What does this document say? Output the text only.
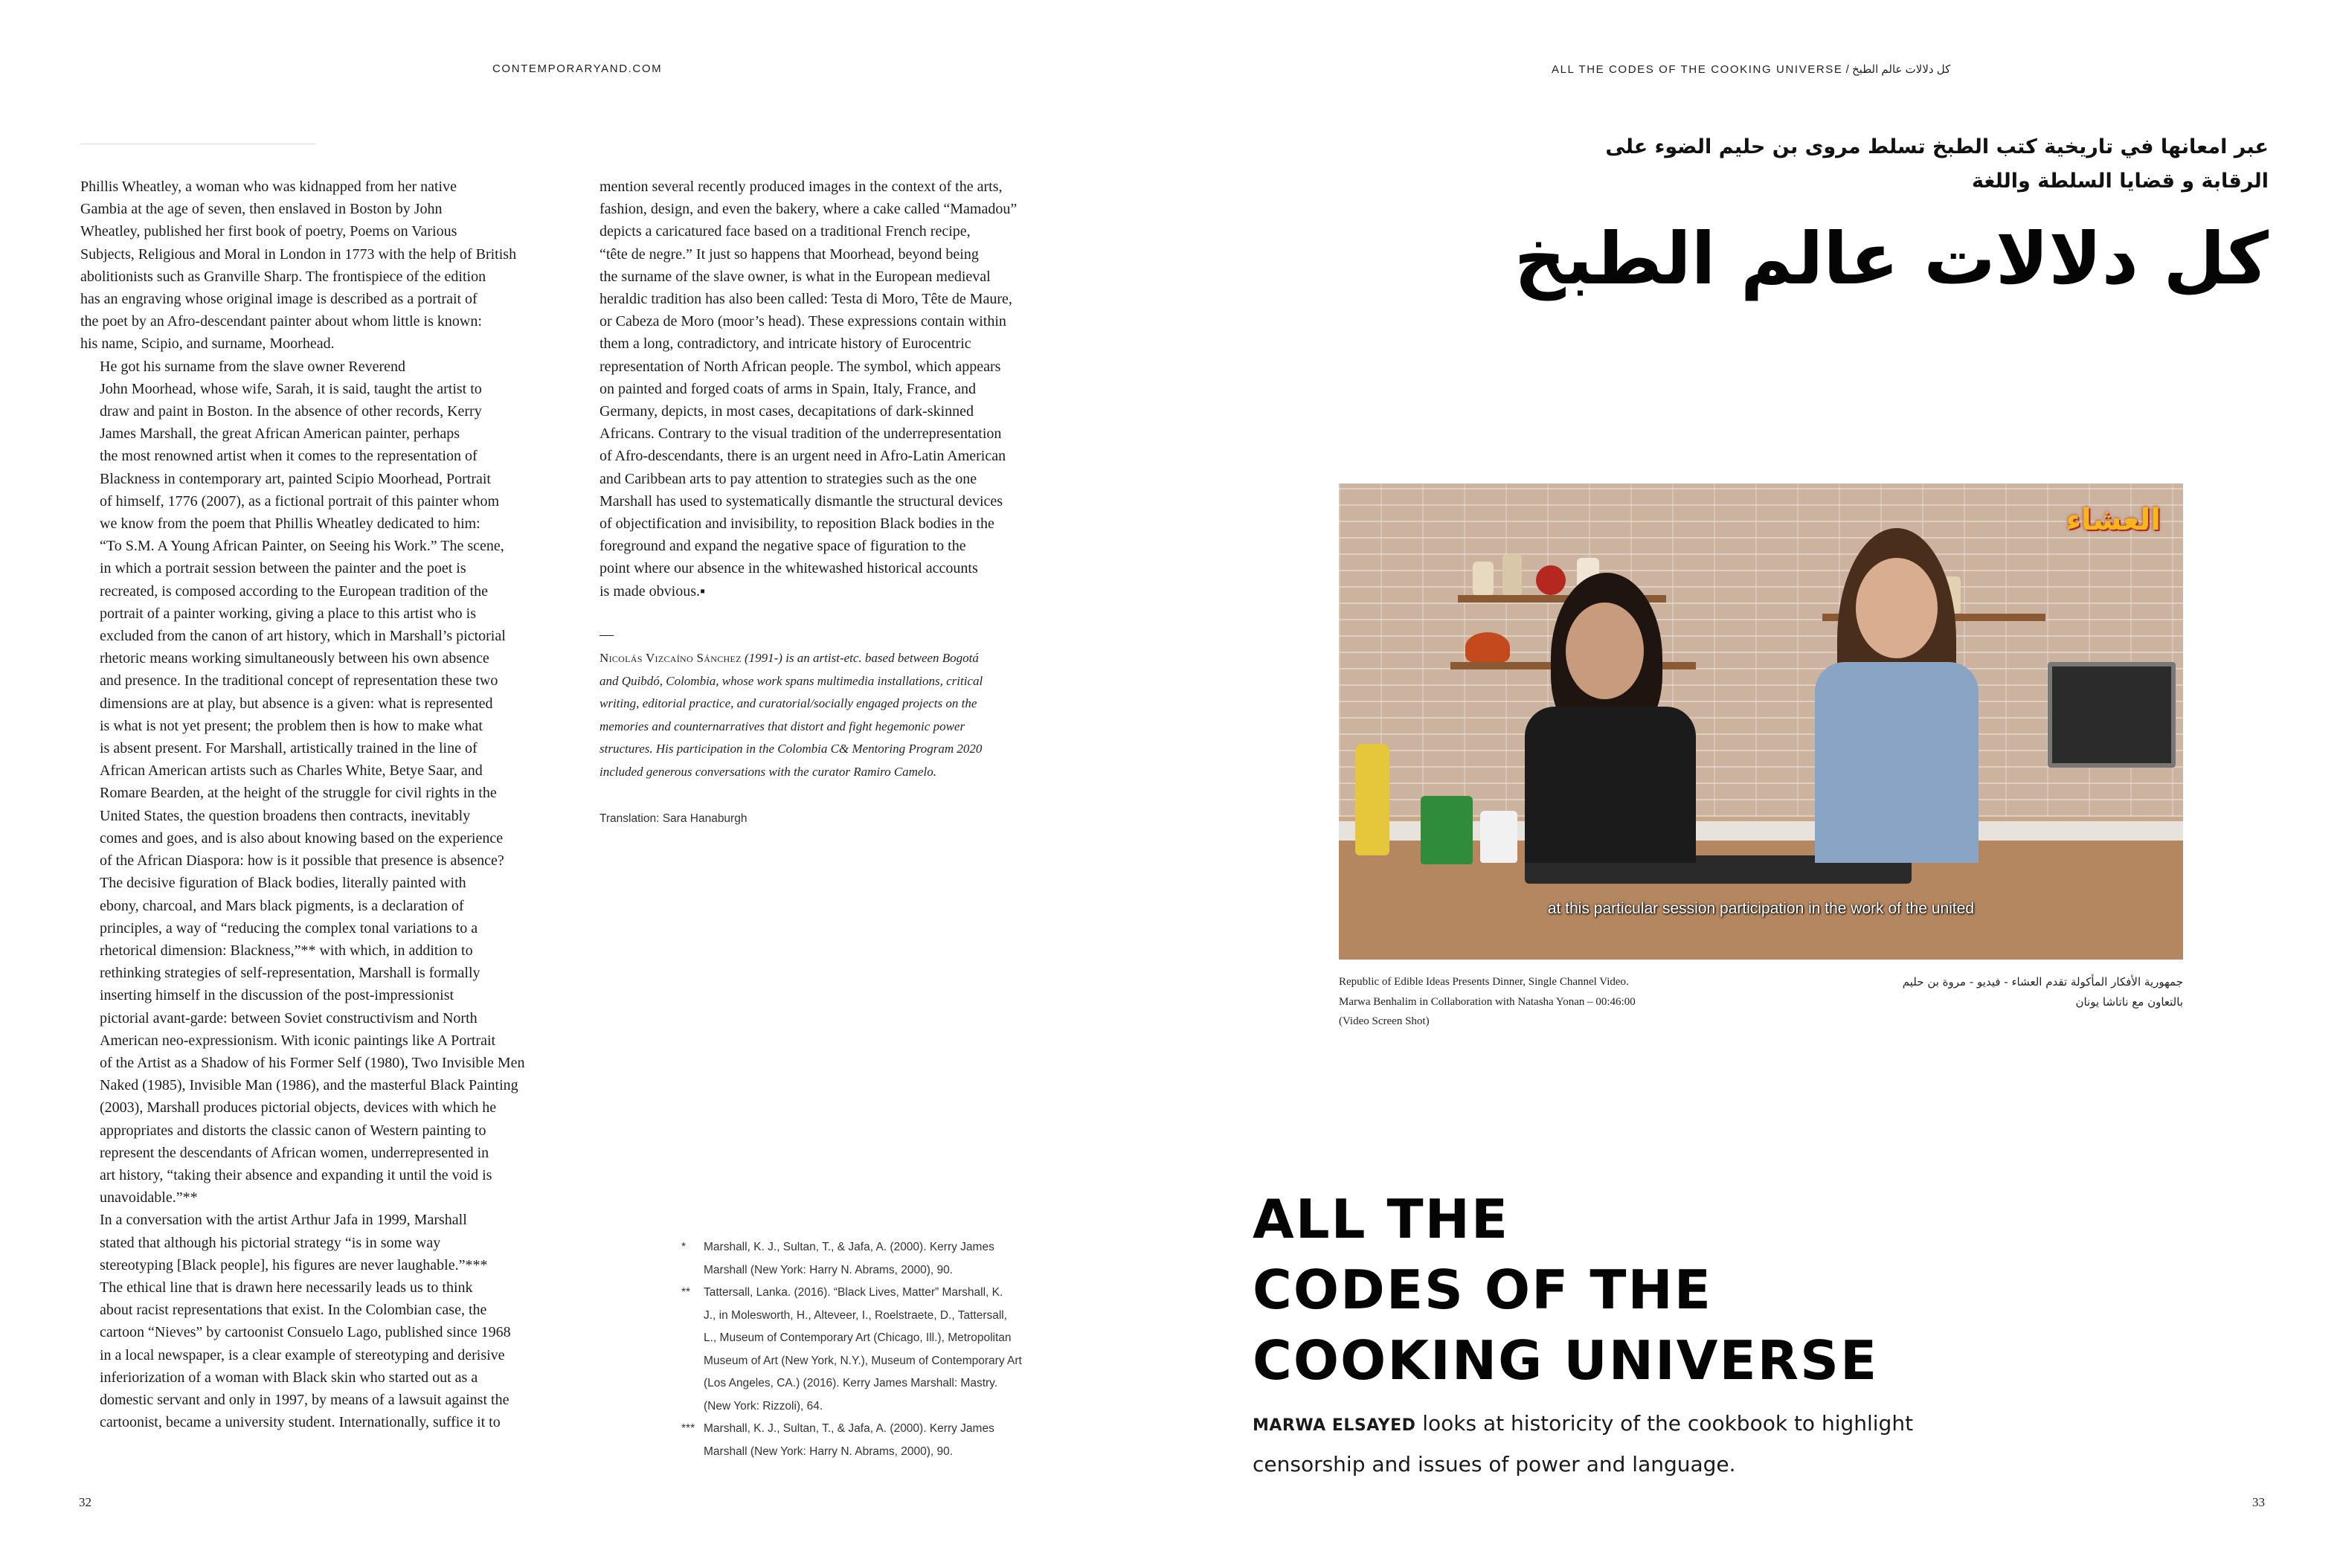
CONTEMPORARYAND.COM	كل دلالات عالم الطبخ / ALL THE CODES OF THE COOKING UNIVERSE

Phillis Wheatley, a woman who was kidnapped from her native
Gambia at the age of seven, then enslaved in Boston by John
Wheatley, published her first book of poetry, Poems on Various
Subjects, Religious and Moral in London in 1773 with the help of British
abolitionists such as Granville Sharp. The frontispiece of the edition
has an engraving whose original image is described as a portrait of
the poet by an Afro-descendant painter about whom little is known:
his name, Scipio, and surname, Moorhead.

He got his surname from the slave owner Reverend
John Moorhead, whose wife, Sarah, it is said, taught the artist to
draw and paint in Boston. In the absence of other records, Kerry
James Marshall, the great African American painter, perhaps
the most renowned artist when it comes to the representation of
Blackness in contemporary art, painted Scipio Moorhead, Portrait
of himself, 1776 (2007), as a fictional portrait of this painter whom
we know from the poem that Phillis Wheatley dedicated to him:
“To S.M. A Young African Painter, on Seeing his Work.” The scene,
in which a portrait session between the painter and the poet is
recreated, is composed according to the European tradition of the
portrait of a painter working, giving a place to this artist who is
excluded from the canon of art history, which in Marshall’s pictorial
rhetoric means working simultaneously between his own absence
and presence. In the traditional concept of representation these two
dimensions are at play, but absence is a given: what is represented
is what is not yet present; the problem then is how to make what
is absent present. For Marshall, artistically trained in the line of
African American artists such as Charles White, Betye Saar, and
Romare Bearden, at the height of the struggle for civil rights in the
United States, the question broadens then contracts, inevitably
comes and goes, and is also about knowing based on the experience
of the African Diaspora: how is it possible that presence is absence?

The decisive figuration of Black bodies, literally painted with
ebony, charcoal, and Mars black pigments, is a declaration of
principles, a way of “reducing the complex tonal variations to a
rhetorical dimension: Blackness,”** with which, in addition to
rethinking strategies of self-representation, Marshall is formally
inserting himself in the discussion of the post-impressionist
pictorial avant-garde: between Soviet constructivism and North
American neo-expressionism. With iconic paintings like A Portrait
of the Artist as a Shadow of his Former Self (1980), Two Invisible Men
Naked (1985), Invisible Man (1986), and the masterful Black Painting
(2003), Marshall produces pictorial objects, devices with which he
appropriates and distorts the classic canon of Western painting to
represent the descendants of African women, underrepresented in
art history, “taking their absence and expanding it until the void is
unavoidable.”**

In a conversation with the artist Arthur Jafa in 1999, Marshall
stated that although his pictorial strategy “is in some way
stereotyping [Black people], his figures are never laughable.”***
The ethical line that is drawn here necessarily leads us to think
about racist representations that exist. In the Colombian case, the
cartoon “Nieves” by cartoonist Consuelo Lago, published since 1968
in a local newspaper, is a clear example of stereotyping and derisive
inferiorization of a woman with Black skin who started out as a
domestic servant and only in 1997, by means of a lawsuit against the
cartoonist, became a university student. Internationally, suffice it to

mention several recently produced images in the context of the arts,
fashion, design, and even the bakery, where a cake called “Mamadou”
depicts a caricatured face based on a traditional French recipe,
“tête de negre.” It just so happens that Moorhead, beyond being
the surname of the slave owner, is what in the European medieval
heraldic tradition has also been called: Testa di Moro, Tête de Maure,
or Cabeza de Moro (moor’s head). These expressions contain within
them a long, contradictory, and intricate history of Eurocentric
representation of North African people. The symbol, which appears
on painted and forged coats of arms in Spain, Italy, France, and
Germany, depicts, in most cases, decapitations of dark-skinned
Africans. Contrary to the visual tradition of the underrepresentation
of Afro-descendants, there is an urgent need in Afro-Latin American
and Caribbean arts to pay attention to strategies such as the one
Marshall has used to systematically dismantle the structural devices
of objectification and invisibility, to reposition Black bodies in the
foreground and expand the negative space of figuration to the
point where our absence in the whitewashed historical accounts
is made obvious.▪

—
Nicolás Vizcaíno Sánchez (1991-) is an artist-etc. based between Bogotá
and Quibdó, Colombia, whose work spans multimedia installations, critical
writing, editorial practice, and curatorial/socially engaged projects on the
memories and counternarratives that distort and fight hegemonic power
structures. His participation in the Colombia C& Mentoring Program 2020
included generous conversations with the curator Ramiro Camelo.
Translation: Sara Hanaburgh
* Marshall, K. J., Sultan, T., & Jafa, A. (2000). Kerry James
Marshall (New York: Harry N. Abrams, 2000), 90.
** Tattersall, Lanka. (2016). “Black Lives, Matter” Marshall, K.
J., in Molesworth, H., Alteveer, I., Roelstraete, D., Tattersall,
L., Museum of Contemporary Art (Chicago, Ill.), Metropolitan
Museum of Art (New York, N.Y.), Museum of Contemporary Art
(Los Angeles, CA.) (2016). Kerry James Marshall: Mastry.
(New York: Rizzoli), 64.
*** Marshall, K. J., Sultan, T., & Jafa, A. (2000). Kerry James
Marshall (New York: Harry N. Abrams, 2000), 90.
32
عبر امعانها في تاريخية كتب الطبخ تسلط مروى بن حليم الضوء على
الرقابة و قضايا السلطة واللغة
كل دلالات عالم الطبخ
العشاء
at this particular session participation in the work of the united
Republic of Edible Ideas Presents Dinner, Single Channel Video.
Marwa Benhalim in Collaboration with Natasha Yonan – 00:46:00
(Video Screen Shot)
جمهورية الأفكار المأكولة تقدم العشاء - فيديو - مروة بن حليم
بالتعاون مع ناتاشا يونان
ALL THE
CODES OF THE
COOKING UNIVERSE
MARWA ELSAYED looks at historicity of the cookbook to highlight
censorship and issues of power and language.
33
